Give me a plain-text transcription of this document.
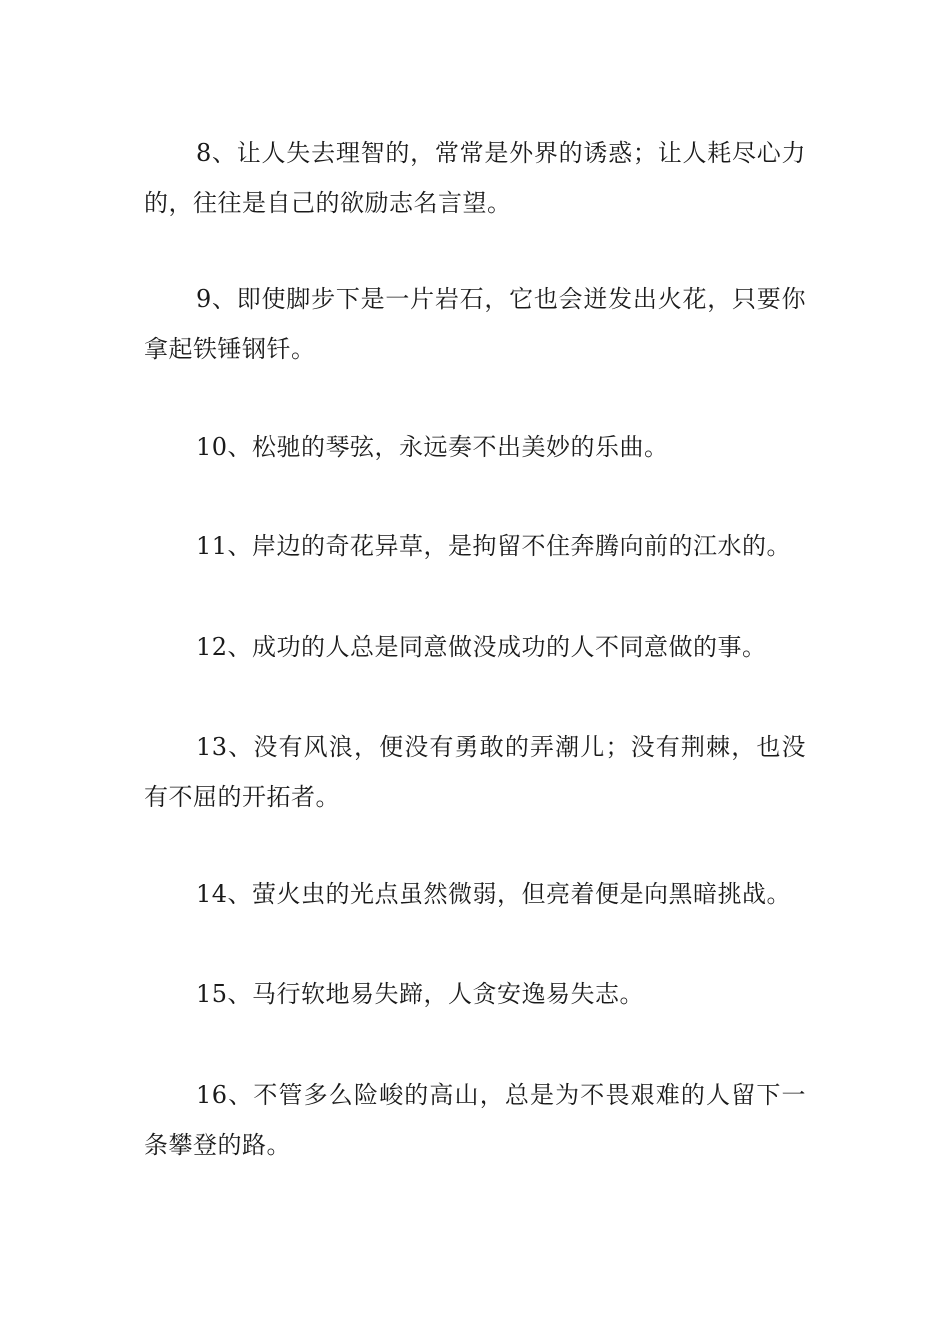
8、让人失去理智的，常常是外界的诱惑；让人耗尽心力的，往往是自己的欲励志名言望。

9、即使脚步下是一片岩石，它也会迸发出火花，只要你拿起铁锤钢钎。

10、松驰的琴弦，永远奏不出美妙的乐曲。

11、岸边的奇花异草，是拘留不住奔腾向前的江水的。

12、成功的人总是同意做没成功的人不同意做的事。

13、没有风浪，便没有勇敢的弄潮儿；没有荆棘，也没有不屈的开拓者。

14、萤火虫的光点虽然微弱，但亮着便是向黑暗挑战。

15、马行软地易失蹄，人贪安逸易失志。

16、不管多么险峻的高山，总是为不畏艰难的人留下一条攀登的路。
